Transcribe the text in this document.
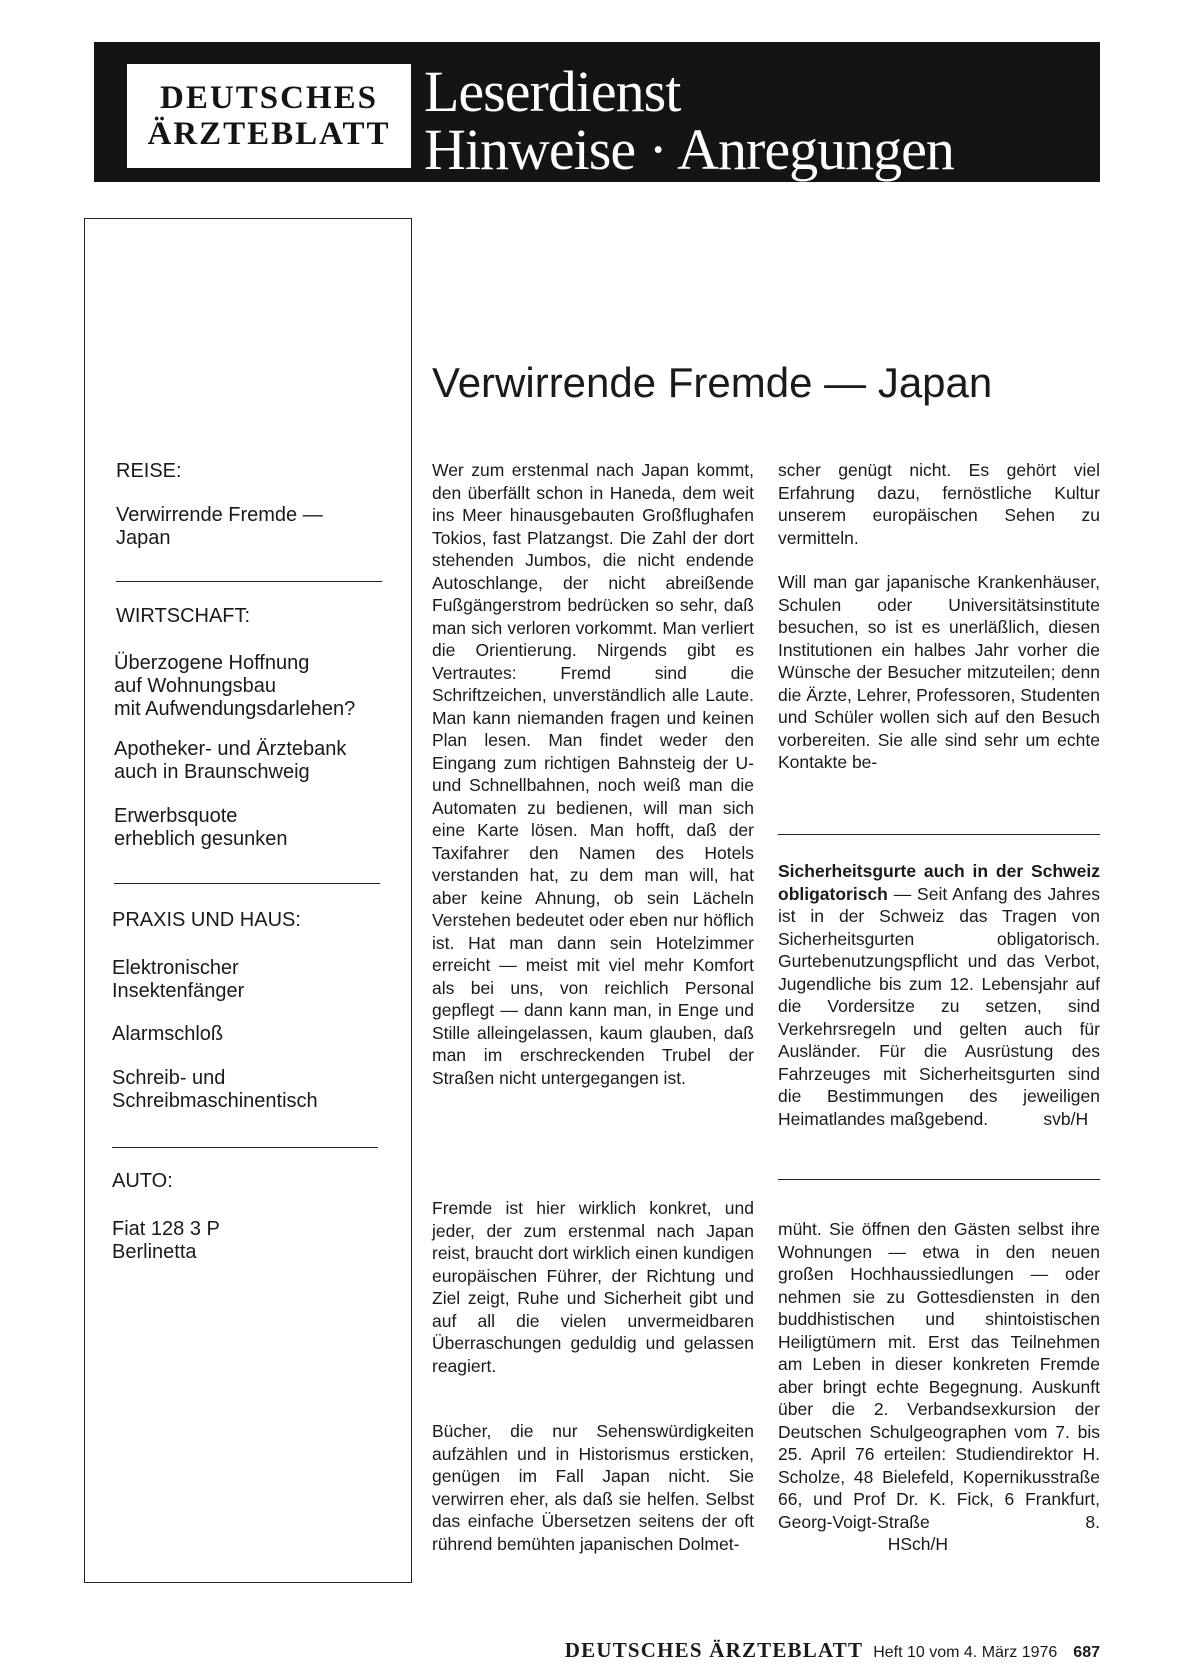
DEUTSCHES
ÄRZTEBLATT
Leserdienst
Hinweise · Anregungen
REISE:
Verwirrende Fremde —
Japan
WIRTSCHAFT:
Überzogene Hoffnung
auf Wohnungsbau
mit Aufwendungsdarlehen?
Apotheker- und Ärztebank
auch in Braunschweig
Erwerbsquote
erheblich gesunken
PRAXIS UND HAUS:
Elektronischer
Insektenfänger
Alarmschloß
Schreib- und
Schreibmaschinentisch
AUTO:
Fiat 128 3 P
Berlinetta
Verwirrende Fremde — Japan

Wer zum erstenmal nach Japan kommt, den überfällt schon in Haneda, dem weit ins Meer hinausgebauten Großflughafen Tokios, fast Platzangst. Die Zahl der dort stehenden Jumbos, die nicht endende Autoschlange, der nicht abreißende Fußgängerstrom bedrücken so sehr, daß man sich verloren vorkommt. Man verliert die Orientierung. Nirgends gibt es Vertrautes: Fremd sind die Schriftzeichen, unverständlich alle Laute. Man kann niemanden fragen und keinen Plan lesen. Man findet weder den Eingang zum richtigen Bahnsteig der U- und Schnellbahnen, noch weiß man die Automaten zu bedienen, will man sich eine Karte lösen. Man hofft, daß der Taxifahrer den Namen des Hotels verstanden hat, zu dem man will, hat aber keine Ahnung, ob sein Lächeln Verstehen bedeutet oder eben nur höflich ist. Hat man dann sein Hotelzimmer erreicht — meist mit viel mehr Komfort als bei uns, von reichlich Personal gepflegt — dann kann man, in Enge und Stille alleingelassen, kaum glauben, daß man im erschreckenden Trubel der Straßen nicht untergegangen ist.

Fremde ist hier wirklich konkret, und jeder, der zum erstenmal nach Japan reist, braucht dort wirklich einen kundigen europäischen Führer, der Richtung und Ziel zeigt, Ruhe und Sicherheit gibt und auf all die vielen unvermeidbaren Überraschungen geduldig und gelassen reagiert.

Bücher, die nur Sehenswürdigkeiten aufzählen und in Historismus ersticken, genügen im Fall Japan nicht. Sie verwirren eher, als daß sie helfen. Selbst das einfache Übersetzen seitens der oft rührend bemühten japanischen Dolmet-

scher genügt nicht. Es gehört viel Erfahrung dazu, fernöstliche Kultur unserem europäischen Sehen zu vermitteln.

Will man gar japanische Krankenhäuser, Schulen oder Universitätsinstitute besuchen, so ist es unerläßlich, diesen Institutionen ein halbes Jahr vorher die Wünsche der Besucher mitzuteilen; denn die Ärzte, Lehrer, Professoren, Studenten und Schüler wollen sich auf den Besuch vorbereiten. Sie alle sind sehr um echte Kontakte be-

Sicherheitsgurte auch in der Schweiz obligatorisch — Seit Anfang des Jahres ist in der Schweiz das Tragen von Sicherheitsgurten obligatorisch. Gurtebenutzungspflicht und das Verbot, Jugendliche bis zum 12. Lebensjahr auf die Vordersitze zu setzen, sind Verkehrsregeln und gelten auch für Ausländer. Für die Ausrüstung des Fahrzeuges mit Sicherheitsgurten sind die Bestimmungen des jeweiligen Heimatlandes maßgebend.	svb/H

müht. Sie öffnen den Gästen selbst ihre Wohnungen — etwa in den neuen großen Hochhaussiedlungen — oder nehmen sie zu Gottesdiensten in den buddhistischen und shintoistischen Heiligtümern mit. Erst das Teilnehmen am Leben in dieser konkreten Fremde aber bringt echte Begegnung. Auskunft über die 2. Verbandsexkursion der Deutschen Schulgeographen vom 7. bis 25. April 76 erteilen: Studiendirektor H. Scholze, 48 Bielefeld, Kopernikusstraße 66, und Prof Dr. K. Fick, 6 Frankfurt, Georg-Voigt-Straße 8.HSch/H

DEUTSCHES ÄRZTEBLATT Heft 10 vom 4. März 1976 687
